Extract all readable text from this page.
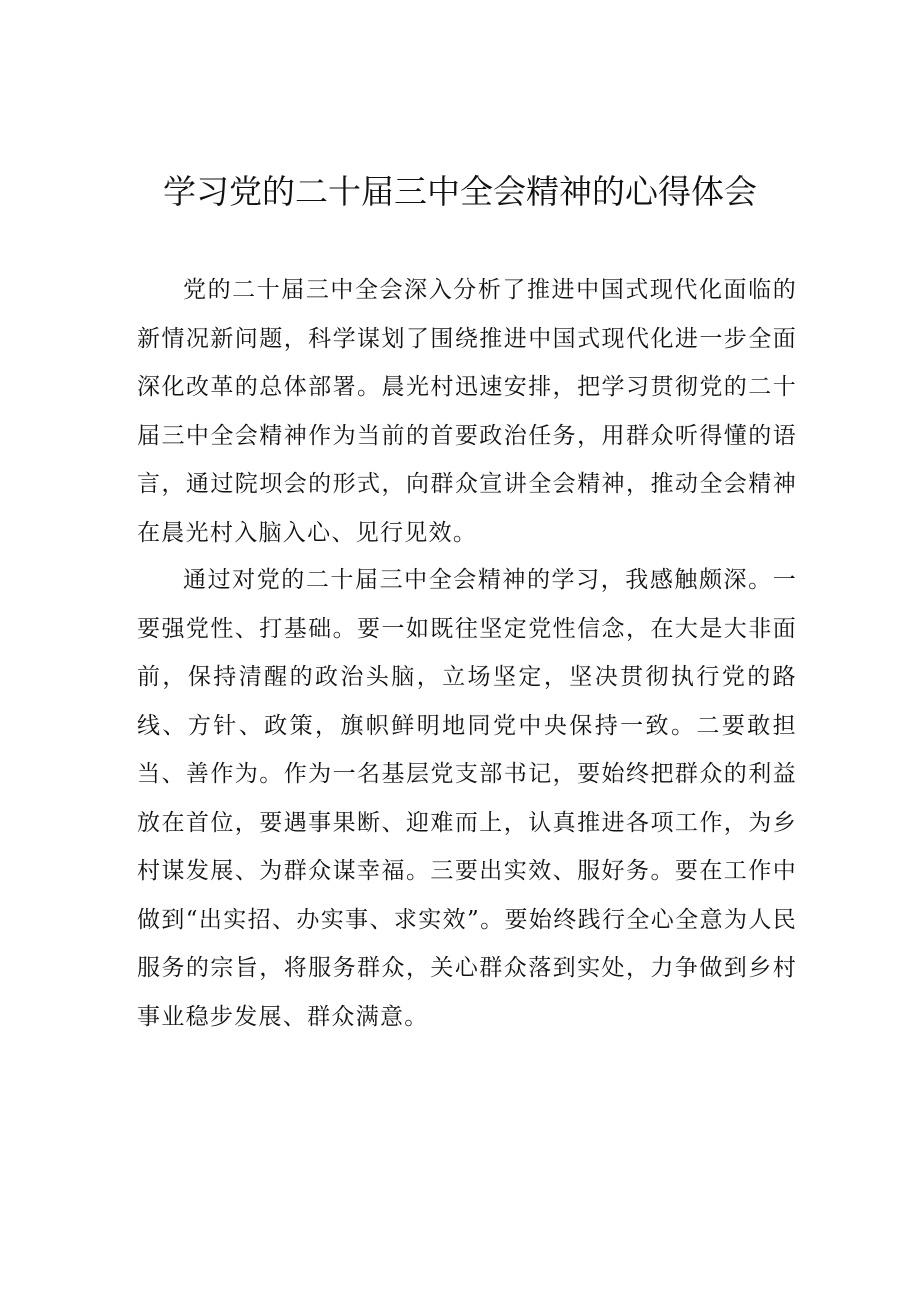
学习党的二十届三中全会精神的心得体会

党的二十届三中全会深入分析了推进中国式现代化面临的新情况新问题，科学谋划了围绕推进中国式现代化进一步全面深化改革的总体部署。晨光村迅速安排，把学习贯彻党的二十届三中全会精神作为当前的首要政治任务，用群众听得懂的语言，通过院坝会的形式，向群众宣讲全会精神，推动全会精神在晨光村入脑入心、见行见效。

通过对党的二十届三中全会精神的学习，我感触颇深。一要强党性、打基础。要一如既往坚定党性信念，在大是大非面前，保持清醒的政治头脑，立场坚定，坚决贯彻执行党的路线、方针、政策，旗帜鲜明地同党中央保持一致。二要敢担当、善作为。作为一名基层党支部书记，要始终把群众的利益放在首位，要遇事果断、迎难而上，认真推进各项工作，为乡村谋发展、为群众谋幸福。三要出实效、服好务。要在工作中做到“出实招、办实事、求实效”。要始终践行全心全意为人民服务的宗旨，将服务群众，关心群众落到实处，力争做到乡村事业稳步发展、群众满意。
